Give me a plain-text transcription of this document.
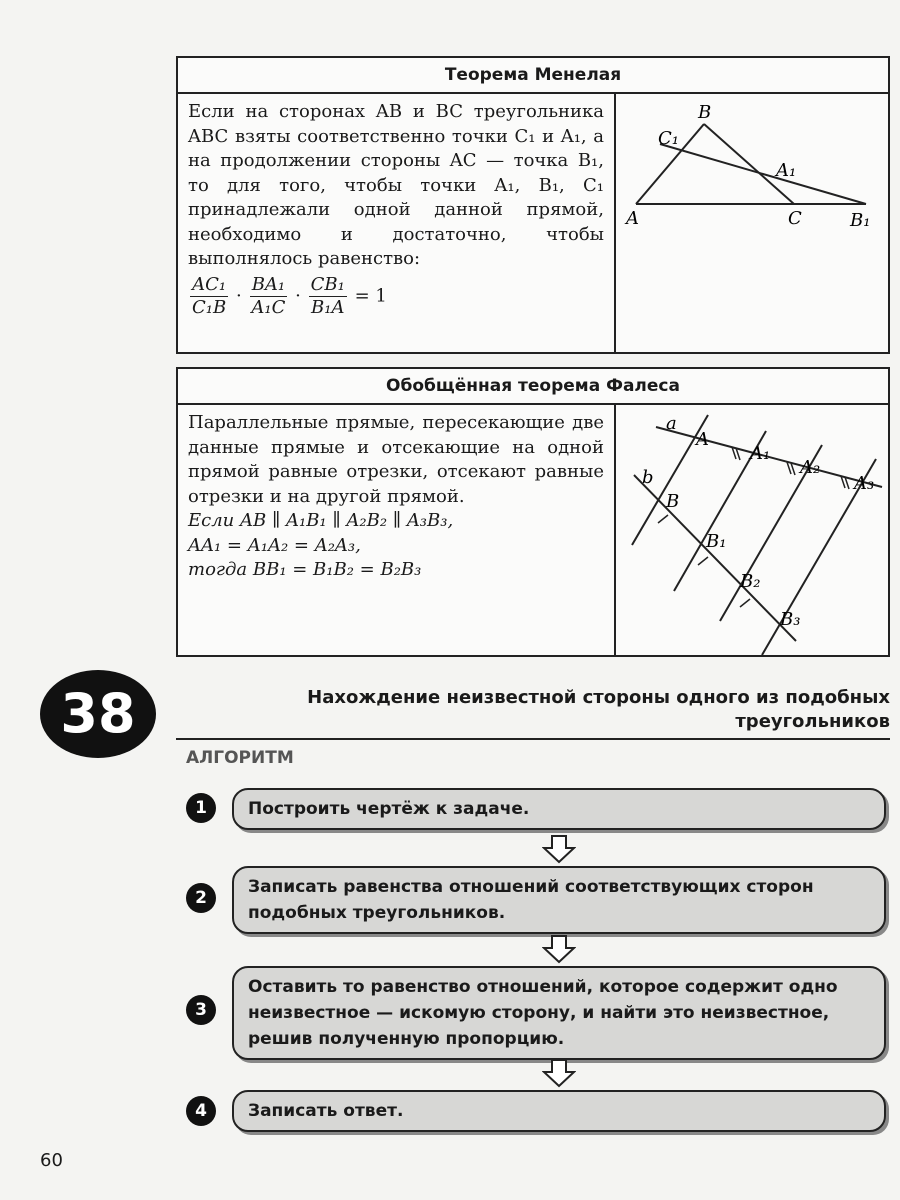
Теорема Менелая
Если на сторонах AB и BC треугольника ABC взяты соответственно точки C₁ и A₁, а на продолжении стороны AC — точка B₁, то для того, чтобы точки A₁, B₁, C₁ принадлежали одной данной прямой, необходимо и достаточно, чтобы выполнялось равенство:
$\frac{\text{AC₁}}{\text{C₁B}} \cdot \frac{\text{BA₁}}{\text{A₁C}} \cdot \frac{\text{CB₁}}{\text{B₁A}} = 1$
B
A	C	B₁
C₁
A₁
Обобщённая теорема Фалеса
Параллельные прямые, пересекающие две данные прямые и отсекающие на одной прямой равные отрезки, отсекают равные отрезки и на другой прямой.
Если AB ∥ A₁B₁ ∥ A₂B₂ ∥ A₃B₃,
AA₁ = A₁A₂ = A₂A₃,
тогда BB₁ = B₁B₂ = B₂B₃
a
b
A
A₁
A₂
A₃
B
B₁
B₂
B₃
38	Нахождение неизвестной стороны одного из подобных
треугольников
АЛГОРИТМ
1	Построить чертёж к задаче.
2
Записать равенства отношений соответствующих сторон подобных треугольников.
3
Оставить то равенство отношений, которое содержит одно неизвестное — искомую сторону, и найти это неизвестное, решив полученную пропорцию.
4	Записать ответ.
60
